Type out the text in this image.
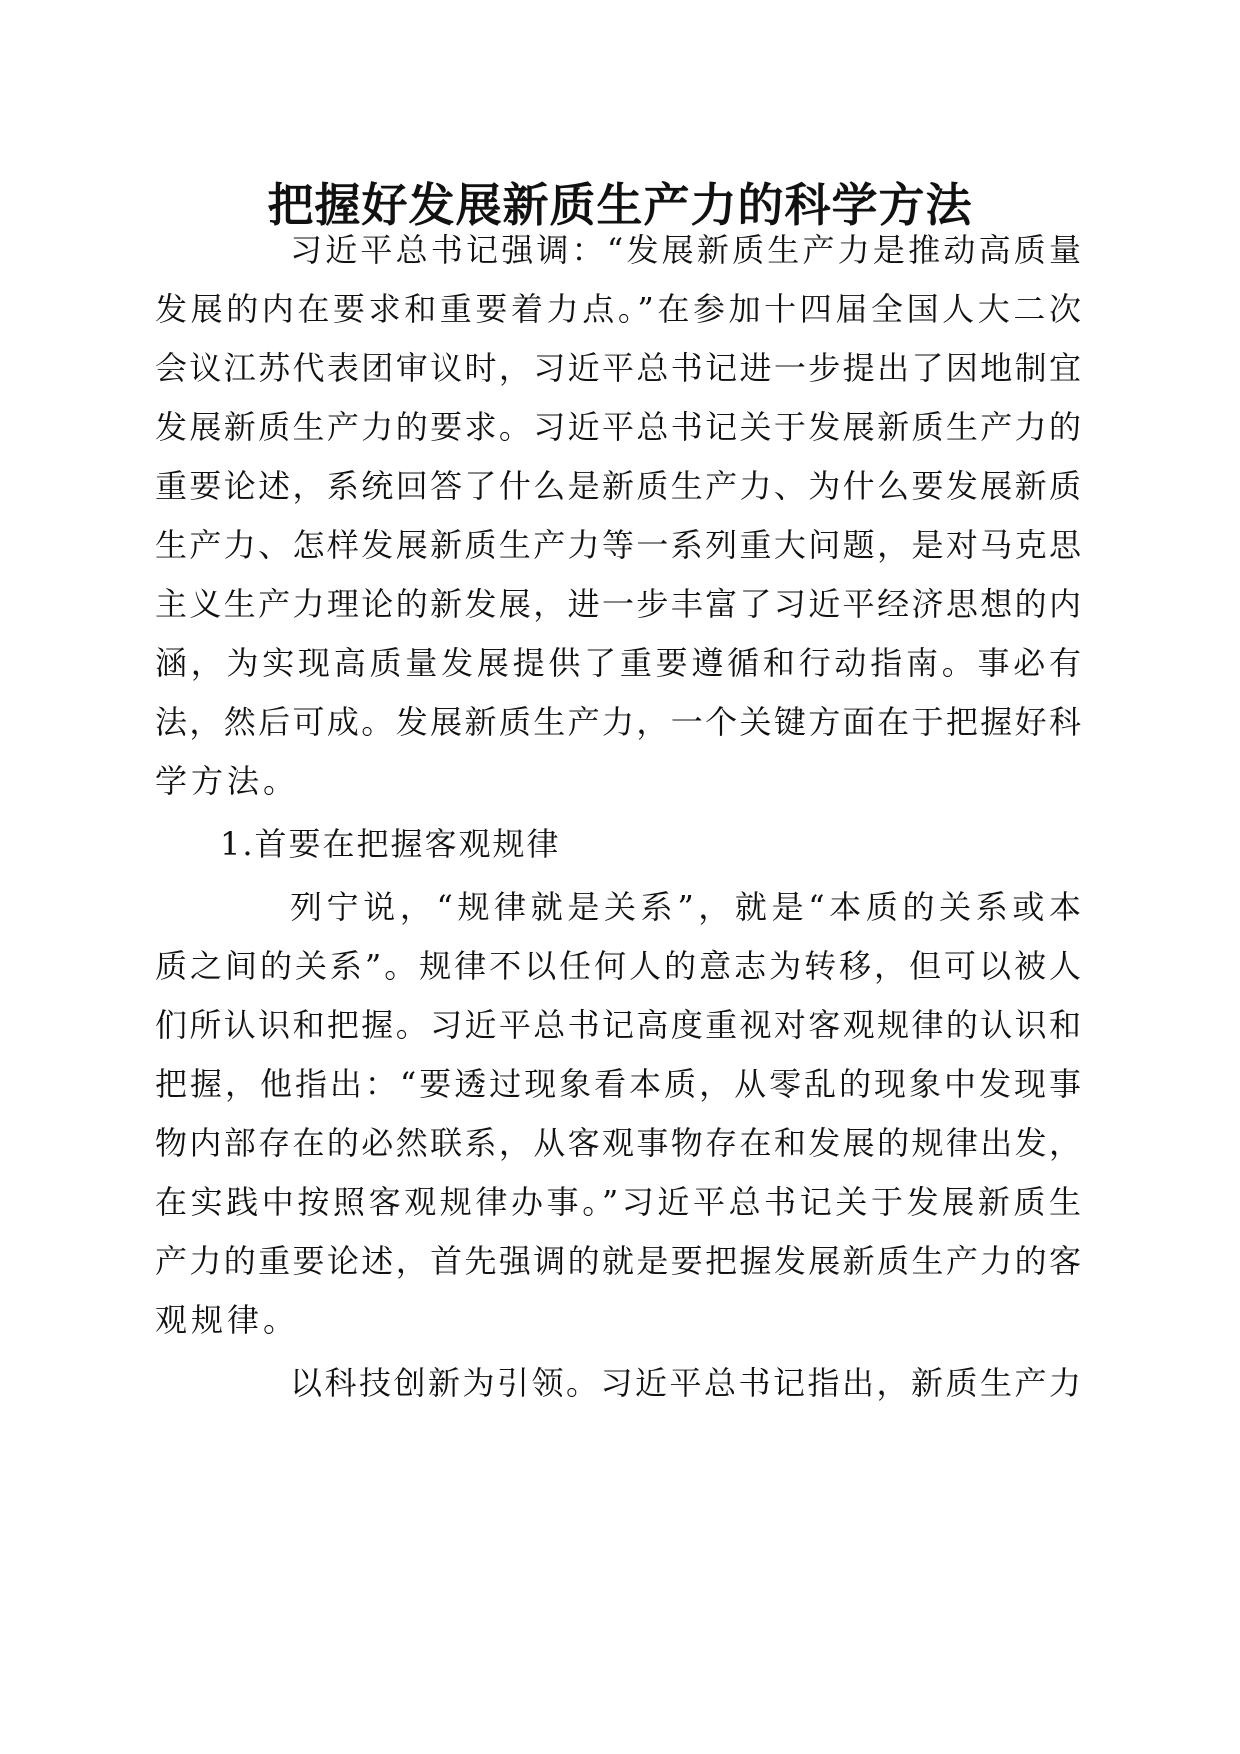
把握好发展新质生产力的科学方法
习近平总书记强调：“发展新质生产力是推动高质量
发展的内在要求和重要着力点。”在参加十四届全国人大二次
会议江苏代表团审议时，习近平总书记进一步提出了因地制宜
发展新质生产力的要求。习近平总书记关于发展新质生产力的
重要论述，系统回答了什么是新质生产力、为什么要发展新质
生产力、怎样发展新质生产力等一系列重大问题，是对马克思
主义生产力理论的新发展，进一步丰富了习近平经济思想的内
涵，为实现高质量发展提供了重要遵循和行动指南。事必有
法，然后可成。发展新质生产力，一个关键方面在于把握好科
学方法。
1.首要在把握客观规律
列宁说，“规律就是关系”，就是“本质的关系或本
质之间的关系”。规律不以任何人的意志为转移，但可以被人
们所认识和把握。习近平总书记高度重视对客观规律的认识和
把握，他指出：“要透过现象看本质，从零乱的现象中发现事
物内部存在的必然联系，从客观事物存在和发展的规律出发，
在实践中按照客观规律办事。”习近平总书记关于发展新质生
产力的重要论述，首先强调的就是要把握发展新质生产力的客
观规律。
以科技创新为引领。习近平总书记指出，新质生产力
